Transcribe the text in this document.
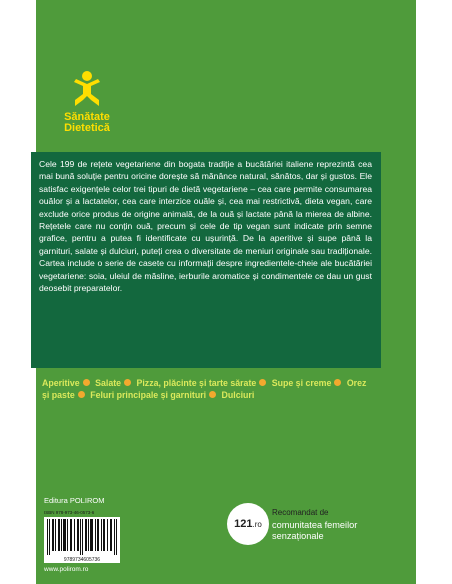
Sănătate
Dietetică

Cele 199 de rețete vegetariene din bogata tradiție a bucătăriei italiene reprezintă cea mai bună soluție pentru oricine dorește să mănânce natural, sănătos, dar și gustos. Ele satisfac exigențele celor trei tipuri de dietă vegetariene – cea care permite consumarea ouălor și a lactatelor, cea care interzice ouăle și, cea mai restrictivă, dieta vegan, care exclude orice produs de origine animală, de la ouă și lactate până la mierea de albine. Rețetele care nu conțin ouă, precum și cele de tip vegan sunt indicate prin semne grafice, pentru a putea fi identificate cu ușurință. De la aperitive și supe până la garnituri, salate și dulciuri, puteți crea o diversitate de meniuri originale sau tradiționale. Cartea include o serie de casete cu informații despre ingredientele-cheie ale bucătăriei vegetariene: soia, uleiul de măsline, ierburile aromatice și condimentele ce dau un gust deosebit preparatelor.

Aperitive Salate Pizza, plăcinte și tarte sărate Supe și creme Orez și paste Feluri principale și garnituri Dulciuri

Editura POLIROM
ISBN 978-973-46-0573-6
9789734605736
www.polirom.ro
121.ro
Recomandat de
comunitatea femeilor senzaționale
